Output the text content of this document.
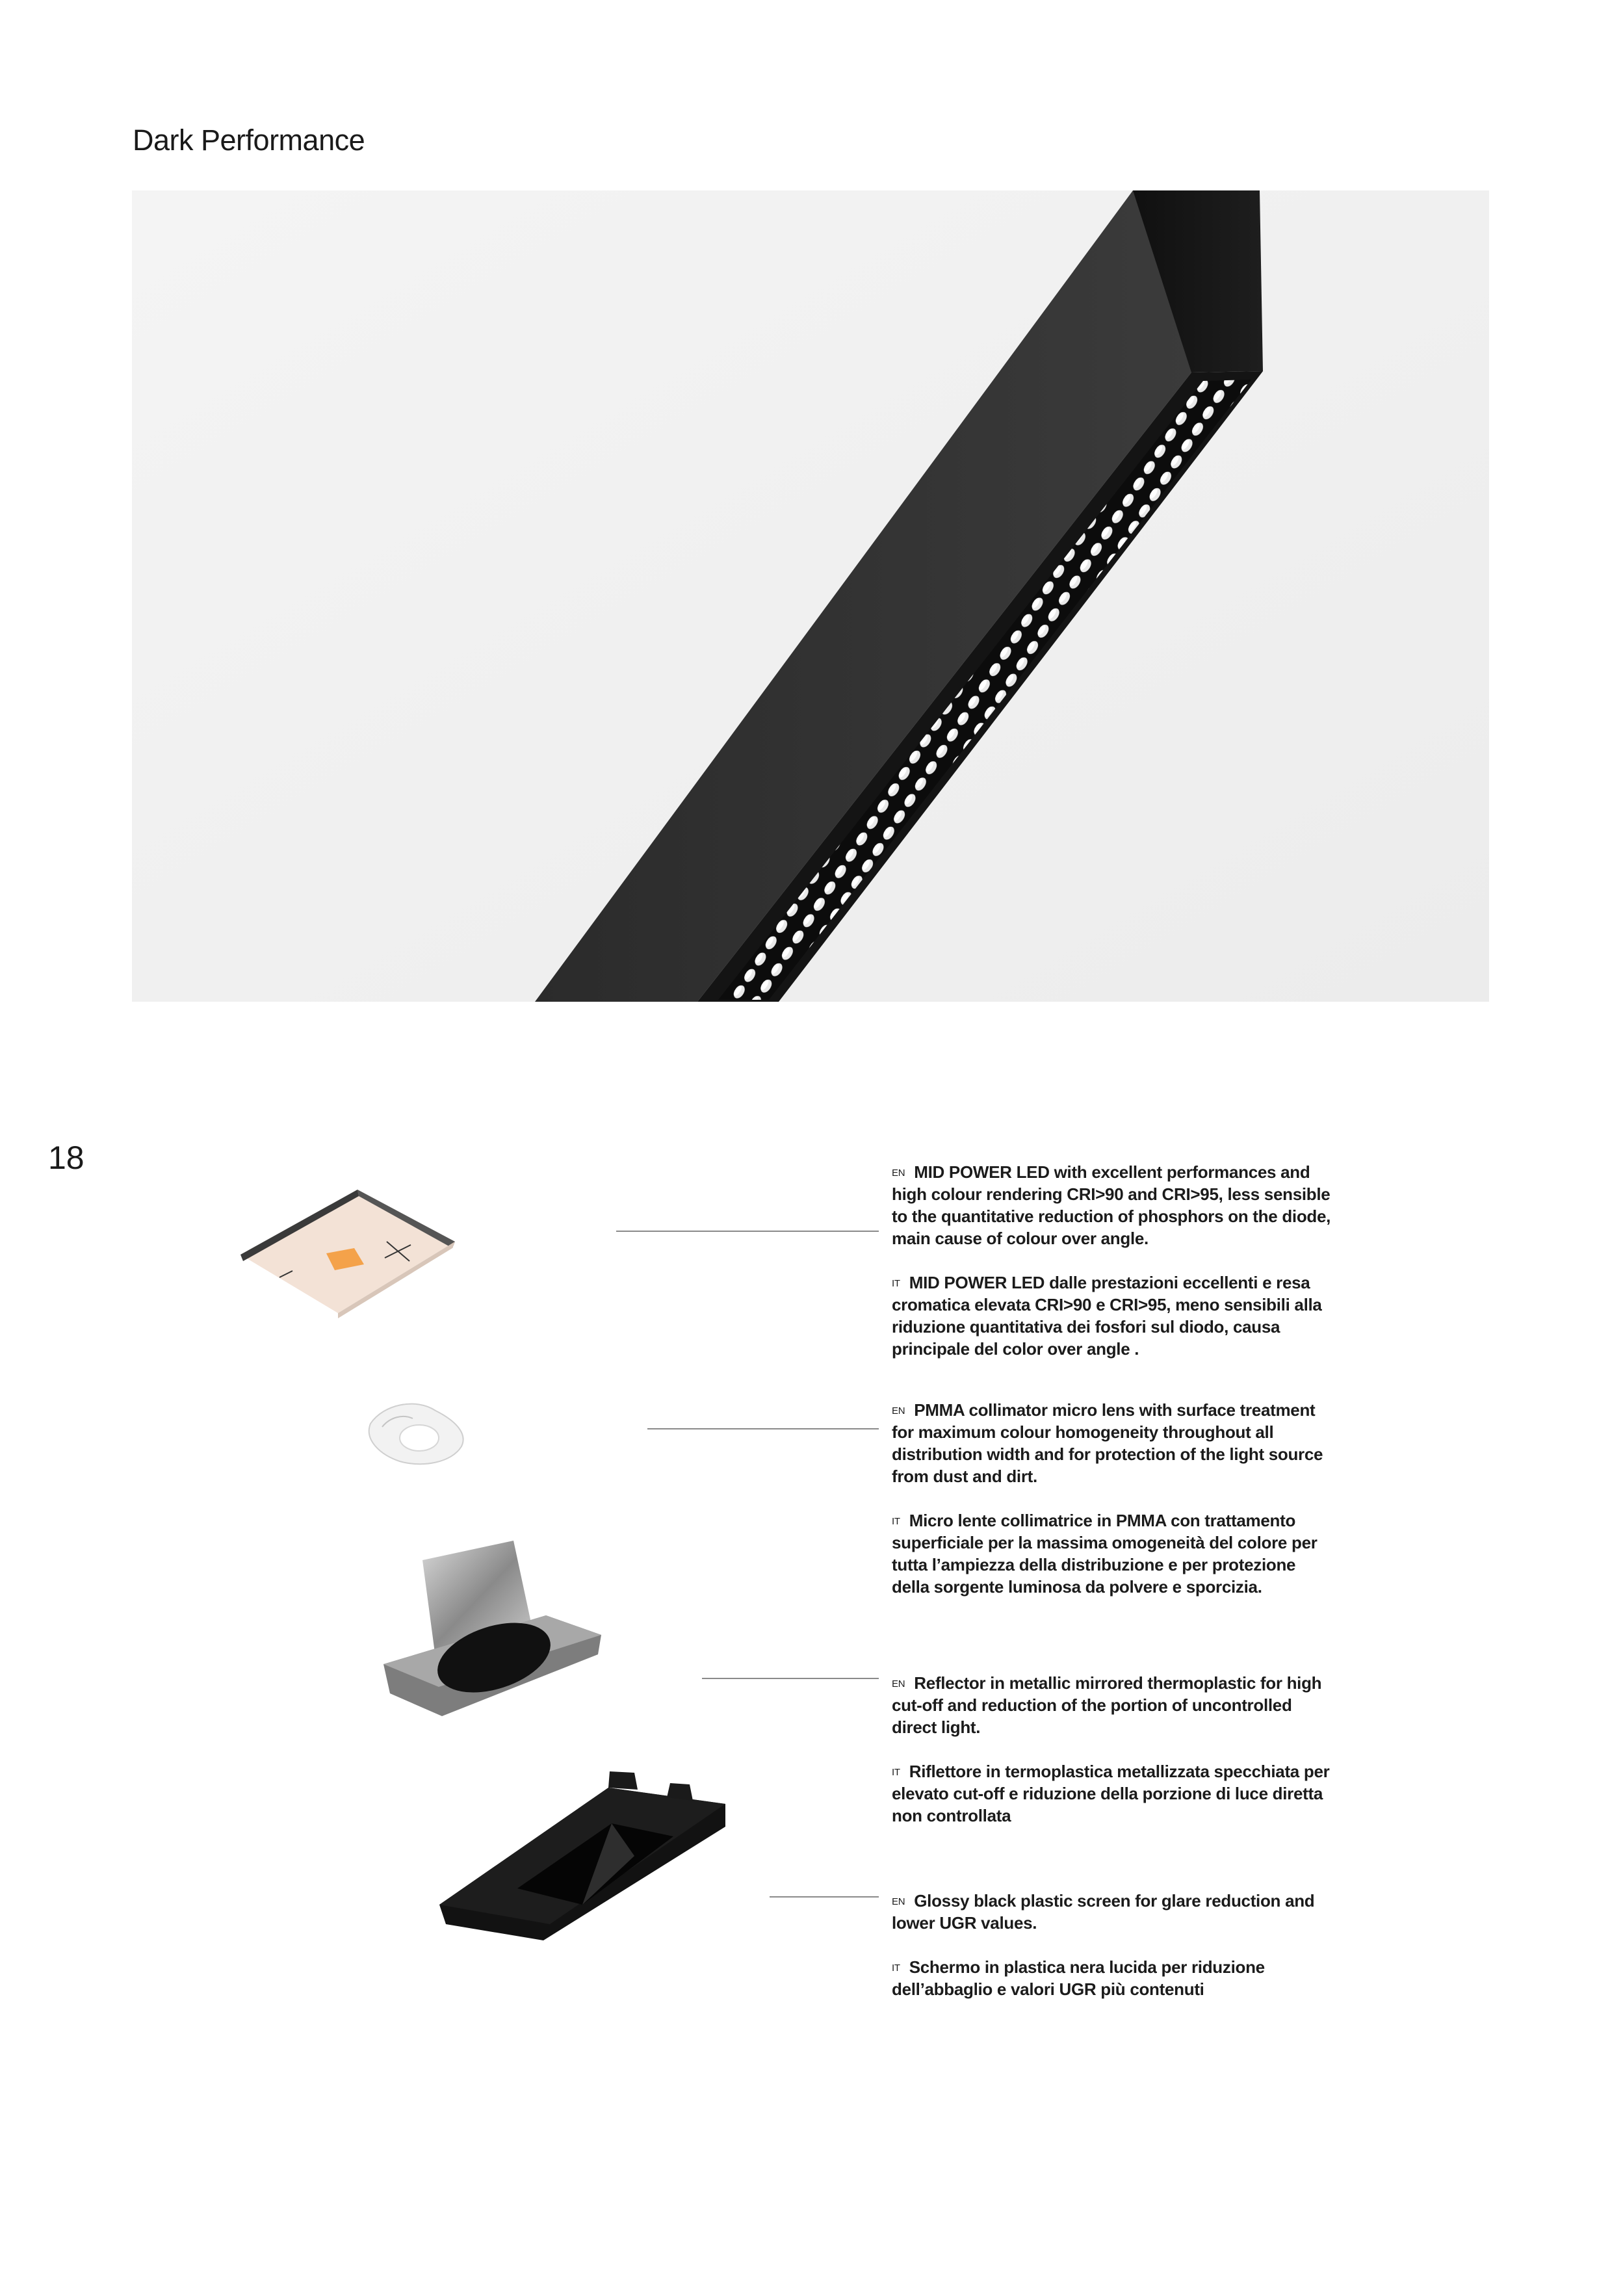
Dark Performance
18	$^{EN}$ MID POWER LED with excellent performances and high colour rendering CRI>90 and CRI>95, less sensible to the quantitative reduction of phosphors on the diode, main cause of colour over angle.

$^{IT}$ MID POWER LED dalle prestazioni eccellenti e resa cromatica elevata CRI>90 e CRI>95, meno sensibili alla riduzione quantitativa dei fosfori sul diodo, causa principale del color over angle .

$^{EN}$ PMMA collimator micro lens with surface treatment for maximum colour homogeneity throughout all distribution width and for protection of the light source from dust and dirt.

$^{IT}$ Micro lente collimatrice in PMMA con trattamento superficiale per la massima omogeneità del colore per tutta l’ampiezza della distribuzione e per protezione della sorgente luminosa da polvere e sporcizia.

$^{EN}$ Reflector in metallic mirrored thermoplastic for high cut-off and reduction of the portion of uncontrolled direct light.

$^{IT}$ Riflettore in termoplastica metallizzata specchiata per elevato cut-off e riduzione della porzione di luce diretta non controllata

$^{EN}$ Glossy black plastic screen for glare reduction and lower UGR values.

$^{IT}$ Schermo in plastica nera lucida per riduzione dell’abbaglio e valori UGR più contenuti
